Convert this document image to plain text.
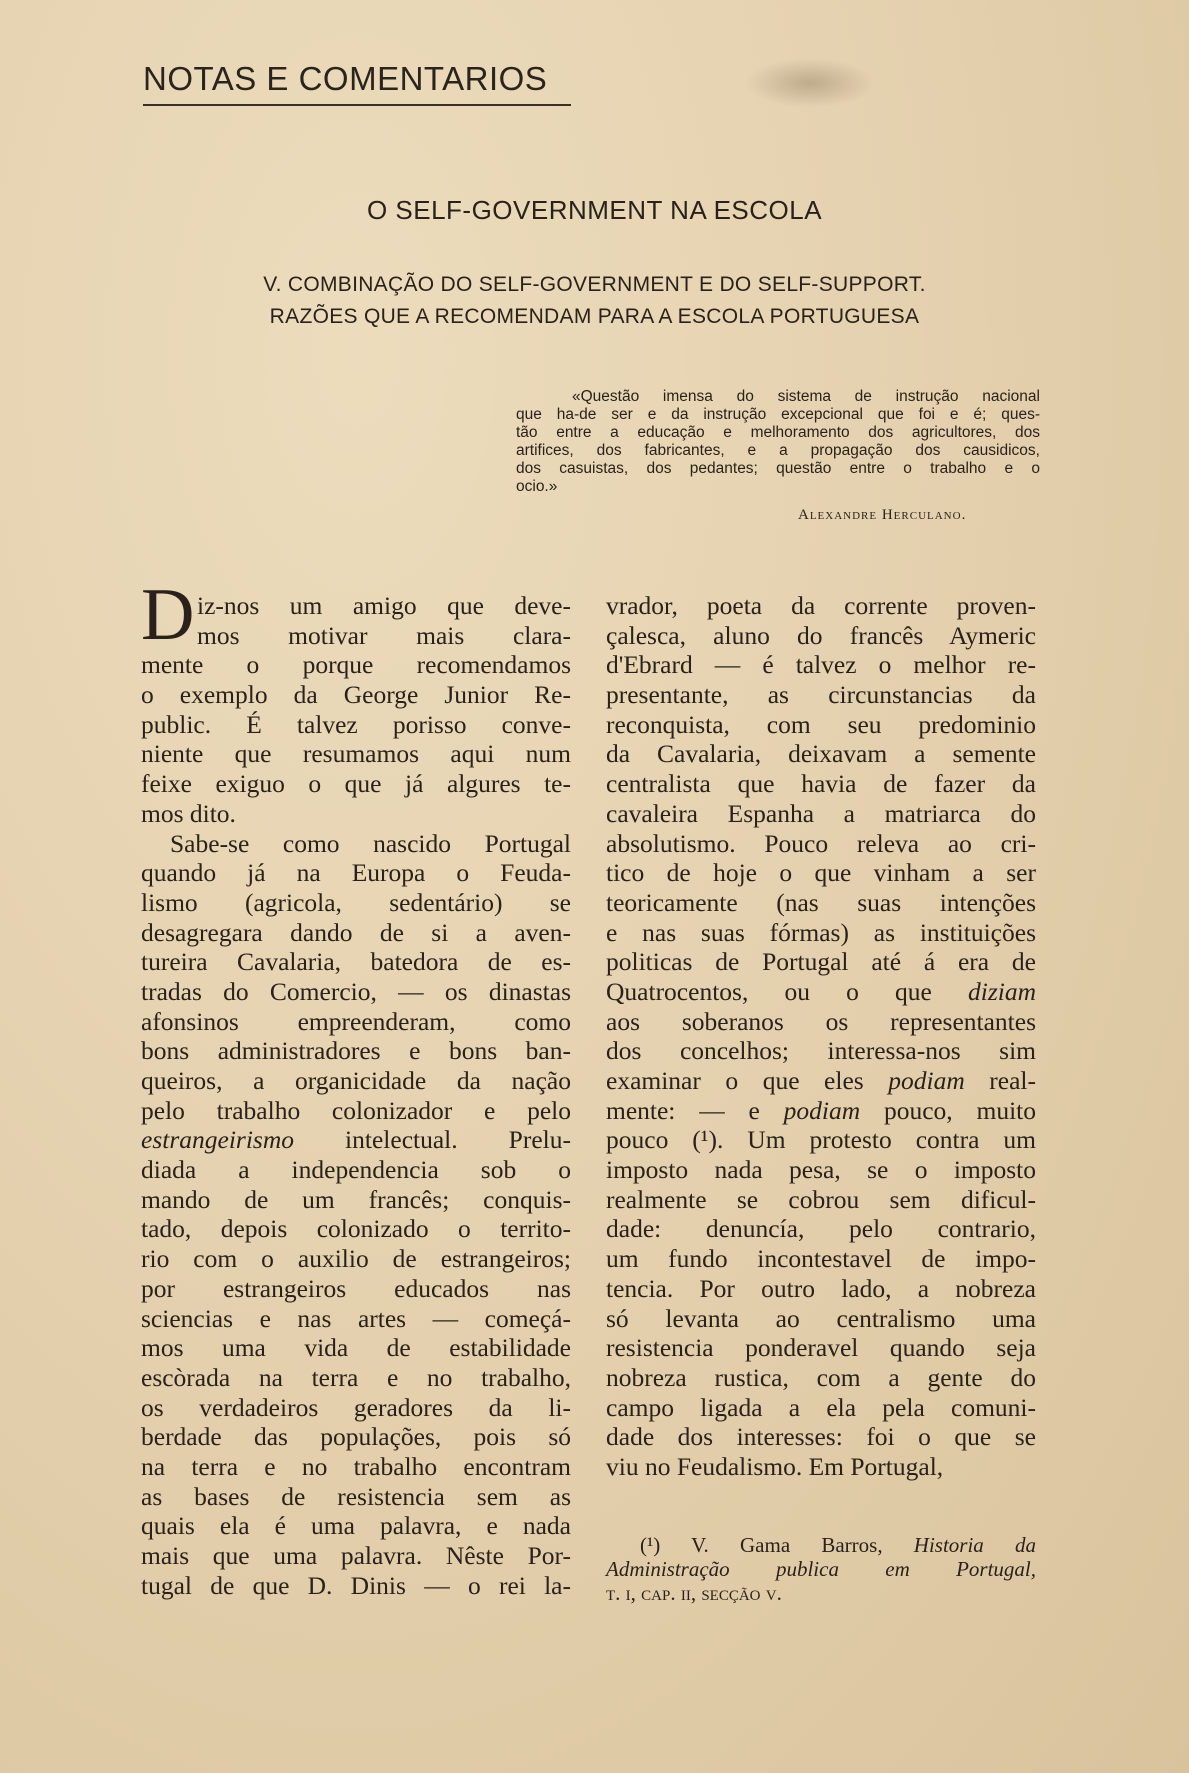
NOTAS E COMENTARIOS
O SELF-GOVERNMENT NA ESCOLA
V. COMBINAÇÃO DO SELF-GOVERNMENT E DO SELF-SUPPORT.
RAZÕES QUE A RECOMENDAM PARA A ESCOLA PORTUGUESA
«Questão imensa do sistema de instrução nacional
que ha-de ser e da instrução excepcional que foi e é; ques-
tão entre a educação e melhoramento dos agricultores, dos
artifices, dos fabricantes, e a propagação dos causidicos,
dos casuistas, dos pedantes; questão entre o trabalho e o
ocio.»
Alexandre Herculano.
D iz-nos um amigo que deve-
mos motivar mais clara-
mente o porque recomendamos
o exemplo da George Junior Re-
public. É talvez porisso conve-
niente que resumamos aqui num
feixe exiguo o que já algures te-
mos dito.
Sabe-se como nascido Portugal
quando já na Europa o Feuda-
lismo (agricola, sedentário) se
desagregara dando de si a aven-
tureira Cavalaria, batedora de es-
tradas do Comercio, — os dinastas
afonsinos empreenderam, como
bons administradores e bons ban-
queiros, a organicidade da nação
pelo trabalho colonizador e pelo
estrangeirismo intelectual. Prelu-
diada a independencia sob o
mando de um francês; conquis-
tado, depois colonizado o territo-
rio com o auxilio de estrangeiros;
por estrangeiros educados nas
sciencias e nas artes — começá-
mos uma vida de estabilidade
escòrada na terra e no trabalho,
os verdadeiros geradores da li-
berdade das populações, pois só
na terra e no trabalho encontram
as bases de resistencia sem as
quais ela é uma palavra, e nada
mais que uma palavra. Nêste Por-
tugal de que D. Dinis — o rei la-
vrador, poeta da corrente proven-
çalesca, aluno do francês Aymeric
d'Ebrard — é talvez o melhor re-
presentante, as circunstancias da
reconquista, com seu predominio
da Cavalaria, deixavam a semente
centralista que havia de fazer da
cavaleira Espanha a matriarca do
absolutismo. Pouco releva ao cri-
tico de hoje o que vinham a ser
teoricamente (nas suas intenções
e nas suas fórmas) as instituições
politicas de Portugal até á era de
Quatrocentos, ou o que diziam
aos soberanos os representantes
dos concelhos; interessa-nos sim
examinar o que eles podiam real-
mente: — e podiam pouco, muito
pouco (¹). Um protesto contra um
imposto nada pesa, se o imposto
realmente se cobrou sem dificul-
dade: denuncía, pelo contrario,
um fundo incontestavel de impo-
tencia. Por outro lado, a nobreza
só levanta ao centralismo uma
resistencia ponderavel quando seja
nobreza rustica, com a gente do
campo ligada a ela pela comuni-
dade dos interesses: foi o que se
viu no Feudalismo. Em Portugal,
(¹) V. Gama Barros, Historia da
Administração publica em Portugal,
t. i, cap. ii, secção v.
